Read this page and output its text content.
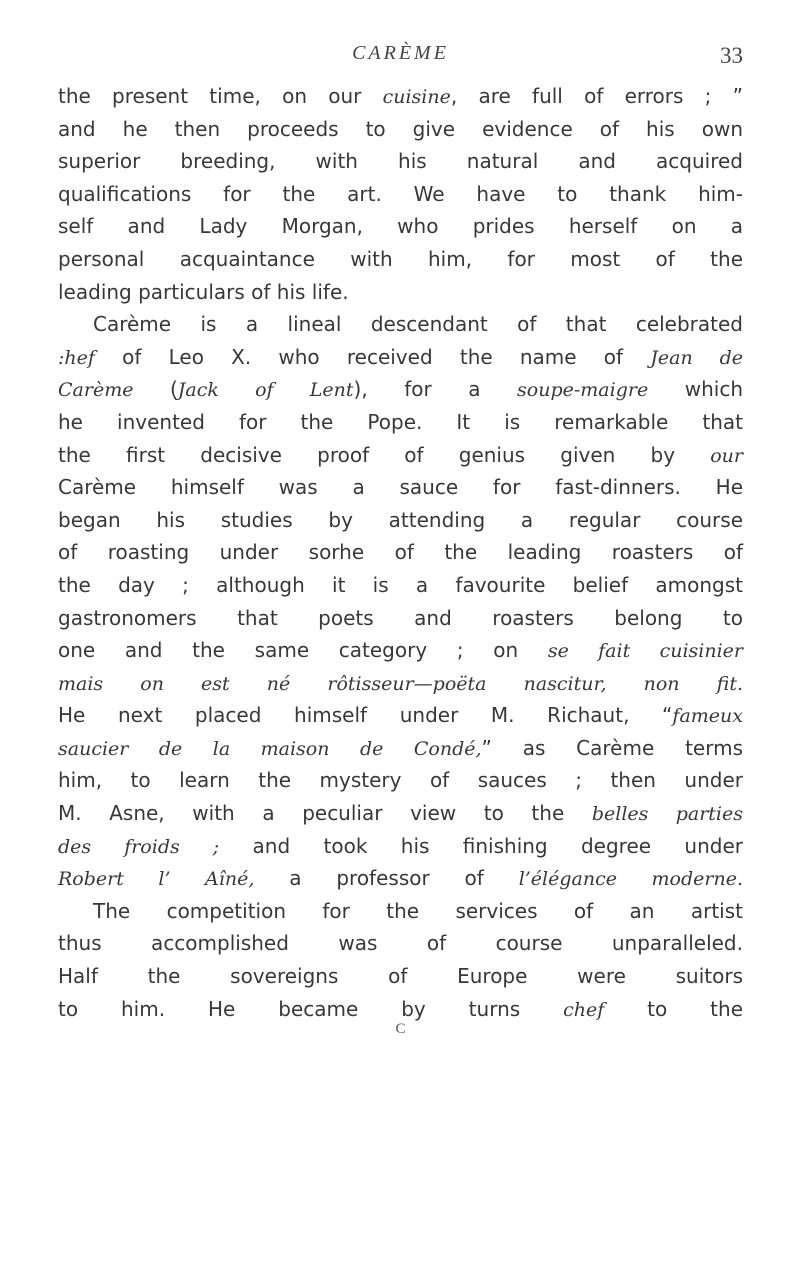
CARÈME	33
the present time, on our cuisine, are full of errors ; ”
and he then proceeds to give evidence of his own
superior breeding, with his natural and acquired
qualifications for the art. We have to thank him-
self and Lady Morgan, who prides herself on a
personal acquaintance with him, for most of the
leading particulars of his life.
Carème is a lineal descendant of that celebrated
:hef of Leo X. who received the name of Jean de
Carème (Jack of Lent), for a soupe-maigre which
he invented for the Pope. It is remarkable that
the first decisive proof of genius given by our
Carème himself was a sauce for fast-dinners. He
began his studies by attending a regular course
of roasting under sorhe of the leading roasters of
the day ; although it is a favourite belief amongst
gastronomers that poets and roasters belong to
one and the same category ; on se fait cuisinier
mais on est né rôtisseur—poëta nascitur, non fit.
He next placed himself under M. Richaut, “fameux
saucier de la maison de Condé,” as Carème terms
him, to learn the mystery of sauces ; then under
M. Asne, with a peculiar view to the belles parties
des froids ; and took his finishing degree under
Robert l’ Aîné, a professor of l’élégance moderne.
The competition for the services of an artist
thus accomplished was of course unparalleled.
Half the sovereigns of Europe were suitors
to him. He became by turns chef to the
C
